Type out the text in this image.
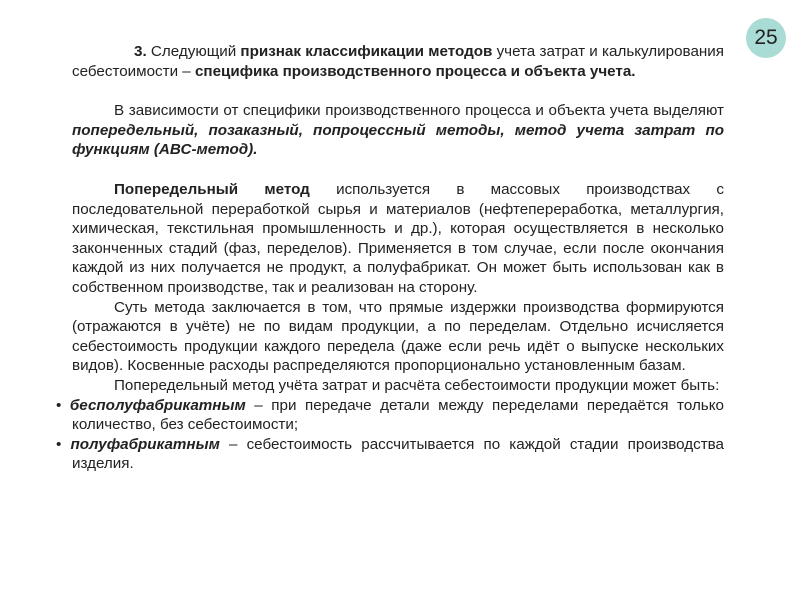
25

3. Следующий признак классификации методов учета затрат и калькулирования себестоимости – специфика производственного процесса и объекта учета.

В зависимости от специфики производственного процесса и объекта учета выделяют попередельный, позаказный, попроцессный методы, метод учета затрат по функциям (АВС-метод).

Попередельный метод используется в массовых производствах с последовательной переработкой сырья и материалов (нефтепереработка, металлургия, химическая, текстильная промышленность и др.), которая осуществляется в несколько законченных стадий (фаз, переделов). Применяется в том случае, если после окончания каждой из них получается не продукт, а полуфабрикат. Он может быть использован как в собственном производстве, так и реализован на сторону.

Суть метода заключается в том, что прямые издержки производства формируются (отражаются в учёте) не по видам продукции, а по переделам. Отдельно исчисляется себестоимость продукции каждого передела (даже если речь идёт о выпуске нескольких видов). Косвенные расходы распределяются пропорционально установленным базам.

Попередельный метод учёта затрат и расчёта себестоимости продукции может быть:

• бесполуфабрикатным – при передаче детали между переделами передаётся только количество, без себестоимости;

• полуфабрикатным – себестоимость рассчитывается по каждой стадии производства изделия.
